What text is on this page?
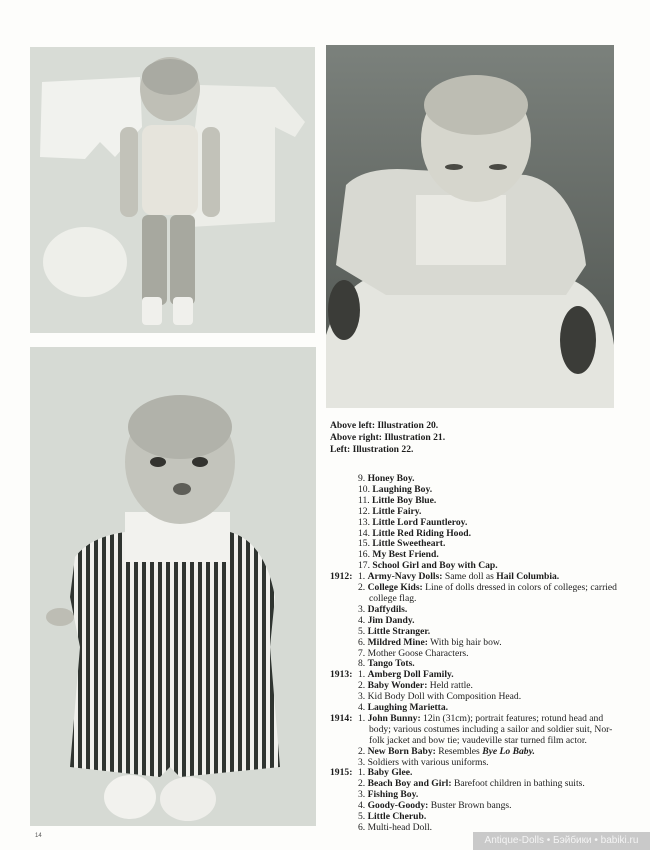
Above left: Illustration 20.
Above right: Illustration 21.
Left: Illustration 22.
9. Honey Boy.
10. Laughing Boy.
11. Little Boy Blue.
12. Little Fairy.
13. Little Lord Fauntleroy.
14. Little Red Riding Hood.
15. Little Sweetheart.
16. My Best Friend.
17. School Girl and Boy with Cap.
1912: 1. Army-Navy Dolls: Same doll as Hail Columbia.
2. College Kids: Line of dolls dressed in colors of colleges; carried
college flag.
3. Daffydils.
4. Jim Dandy.
5. Little Stranger.
6. Mildred Mine: With big hair bow.
7. Mother Goose Characters.
8. Tango Tots.
1913: 1. Amberg Doll Family.
2. Baby Wonder: Held rattle.
3. Kid Body Doll with Composition Head.
4. Laughing Marietta.
1914: 1. John Bunny: 12in (31cm); portrait features; rotund head and
body; various costumes including a sailor and soldier suit, Nor-
folk jacket and bow tie; vaudeville star turned film actor.
2. New Born Baby: Resembles Bye Lo Baby.
3. Soldiers with various uniforms.
1915: 1. Baby Glee.
2. Beach Boy and Girl: Barefoot children in bathing suits.
3. Fishing Boy.
4. Goody-Goody: Buster Brown bangs.
5. Little Cherub.
6. Multi-head Doll.
14	Antique-Dolls • Бэйбики • babiki.ru
